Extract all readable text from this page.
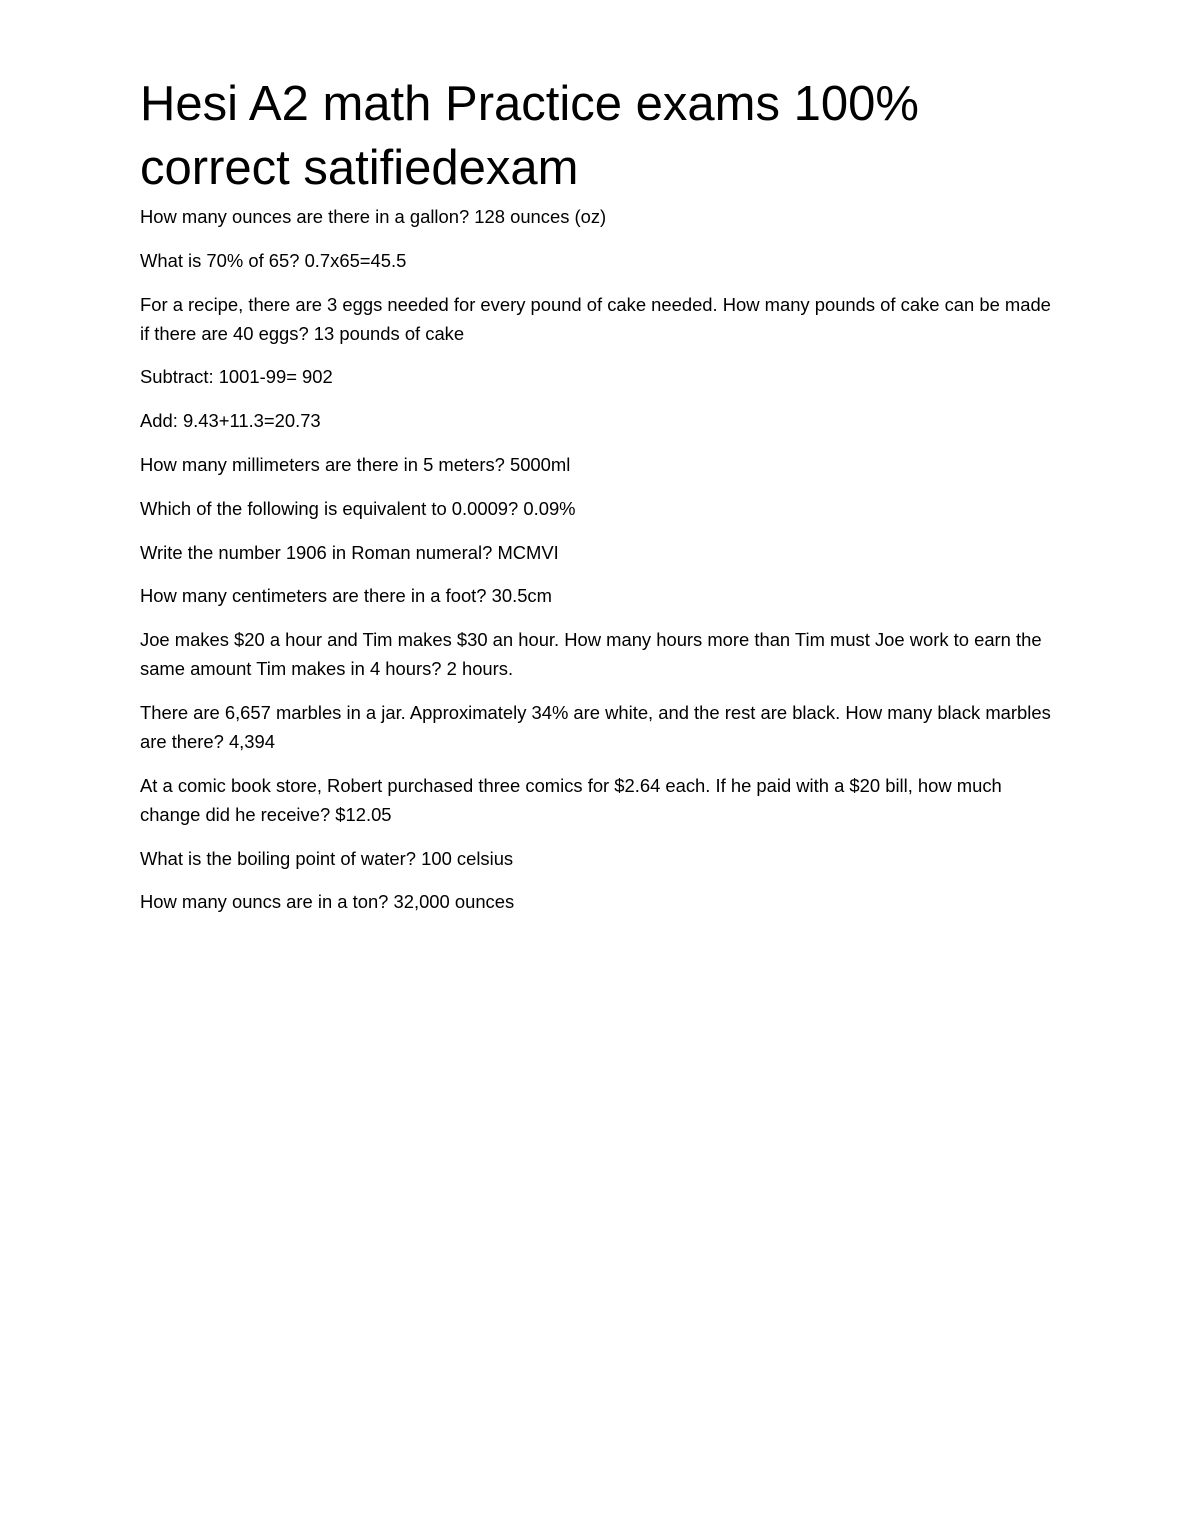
Hesi A2 math Practice exams 100% correct satifiedexam
How many ounces are there in a gallon? 128 ounces (oz)
What is 70% of 65? 0.7x65=45.5
For a recipe, there are 3 eggs needed for every pound of cake needed. How many pounds of cake can be made if there are 40 eggs? 13 pounds of cake
Subtract: 1001-99= 902
Add: 9.43+11.3=20.73
How many millimeters are there in 5 meters? 5000ml
Which of the following is equivalent to 0.0009? 0.09%
Write the number 1906 in Roman numeral? MCMVI
How many centimeters are there in a foot? 30.5cm
Joe makes $20 a hour and Tim makes $30 an hour. How many hours more than Tim must Joe work to earn the same amount Tim makes in 4 hours? 2 hours.
There are 6,657 marbles in a jar. Approximately 34% are white, and the rest are black. How many black marbles are there? 4,394
At a comic book store, Robert purchased three comics for $2.64 each. If he paid with a $20 bill, how much change did he receive? $12.05
What is the boiling point of water? 100 celsius
How many ouncs are in a ton? 32,000 ounces
